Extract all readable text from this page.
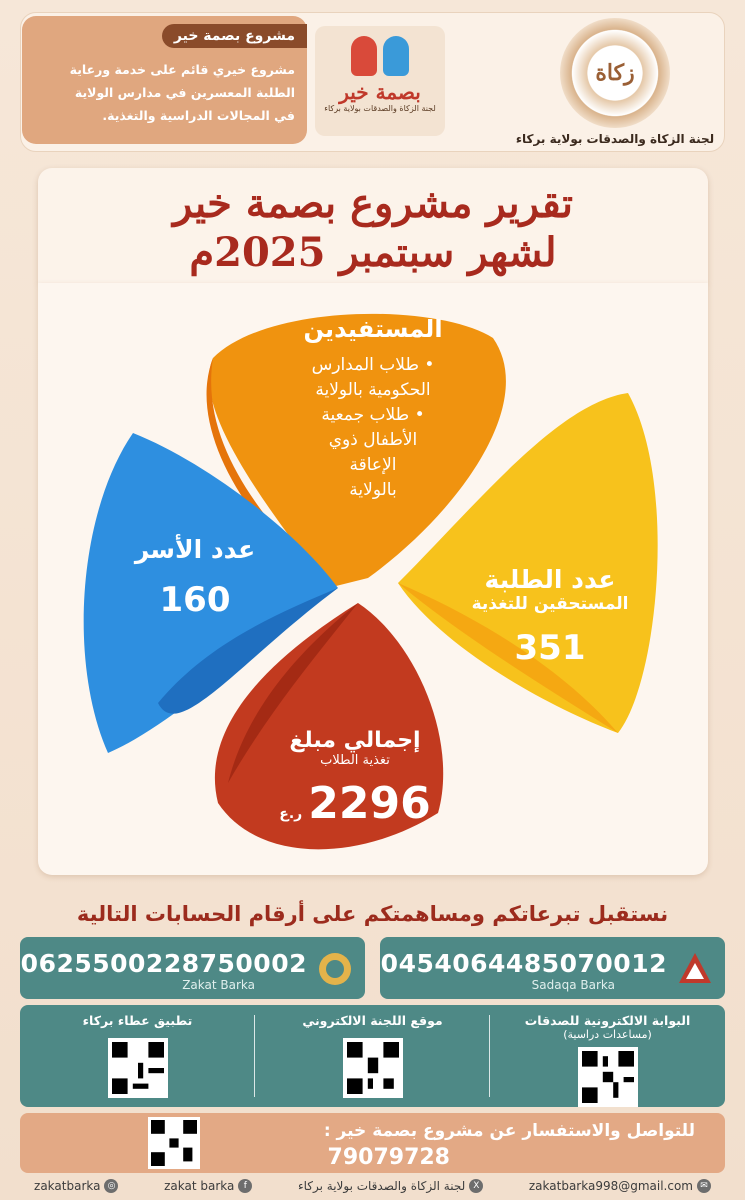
زكاة
لجنة الزكاة والصدقات بولاية بركاء
بصمة خير
لجنة الزكاة والصدقات بولاية بركاء
مشروع بصمة خير
مشروع خيري قائم على خدمة ورعاية
الطلبة المعسرين في مدارس الولاية
في المجالات الدراسية والتغذية.
تقرير مشروع بصمة خير
لشهر سبتمبر 2025م
المستفيدين
• طلاب المدارس
الحكومية بالولاية
• طلاب جمعية
الأطفال ذوي
الإعاقة
بالولاية
عدد الأسر
160
عدد الطلبة
المستحقين للتغذية
351
إجمالي مبلغ
تغذية الطلاب
ر.ع 2296
نستقبل تبرعاتكم ومساهمتكم على أرقام الحسابات التالية
0454064485070012
Sadaqa Barka
0625500228750002
Zakat Barka
البوابة الالكترونية للصدقات
(مساعدات دراسية)
موقع اللجنة الالكتروني
تطبيق عطاء بركاء
للتواصل والاستفسار عن مشروع بصمة خير :
79079728
✉
zakatbarka998@gmail.com
X
لجنة الزكاة والصدقات بولاية بركاء
f
zakat barka
◎
zakatbarka
